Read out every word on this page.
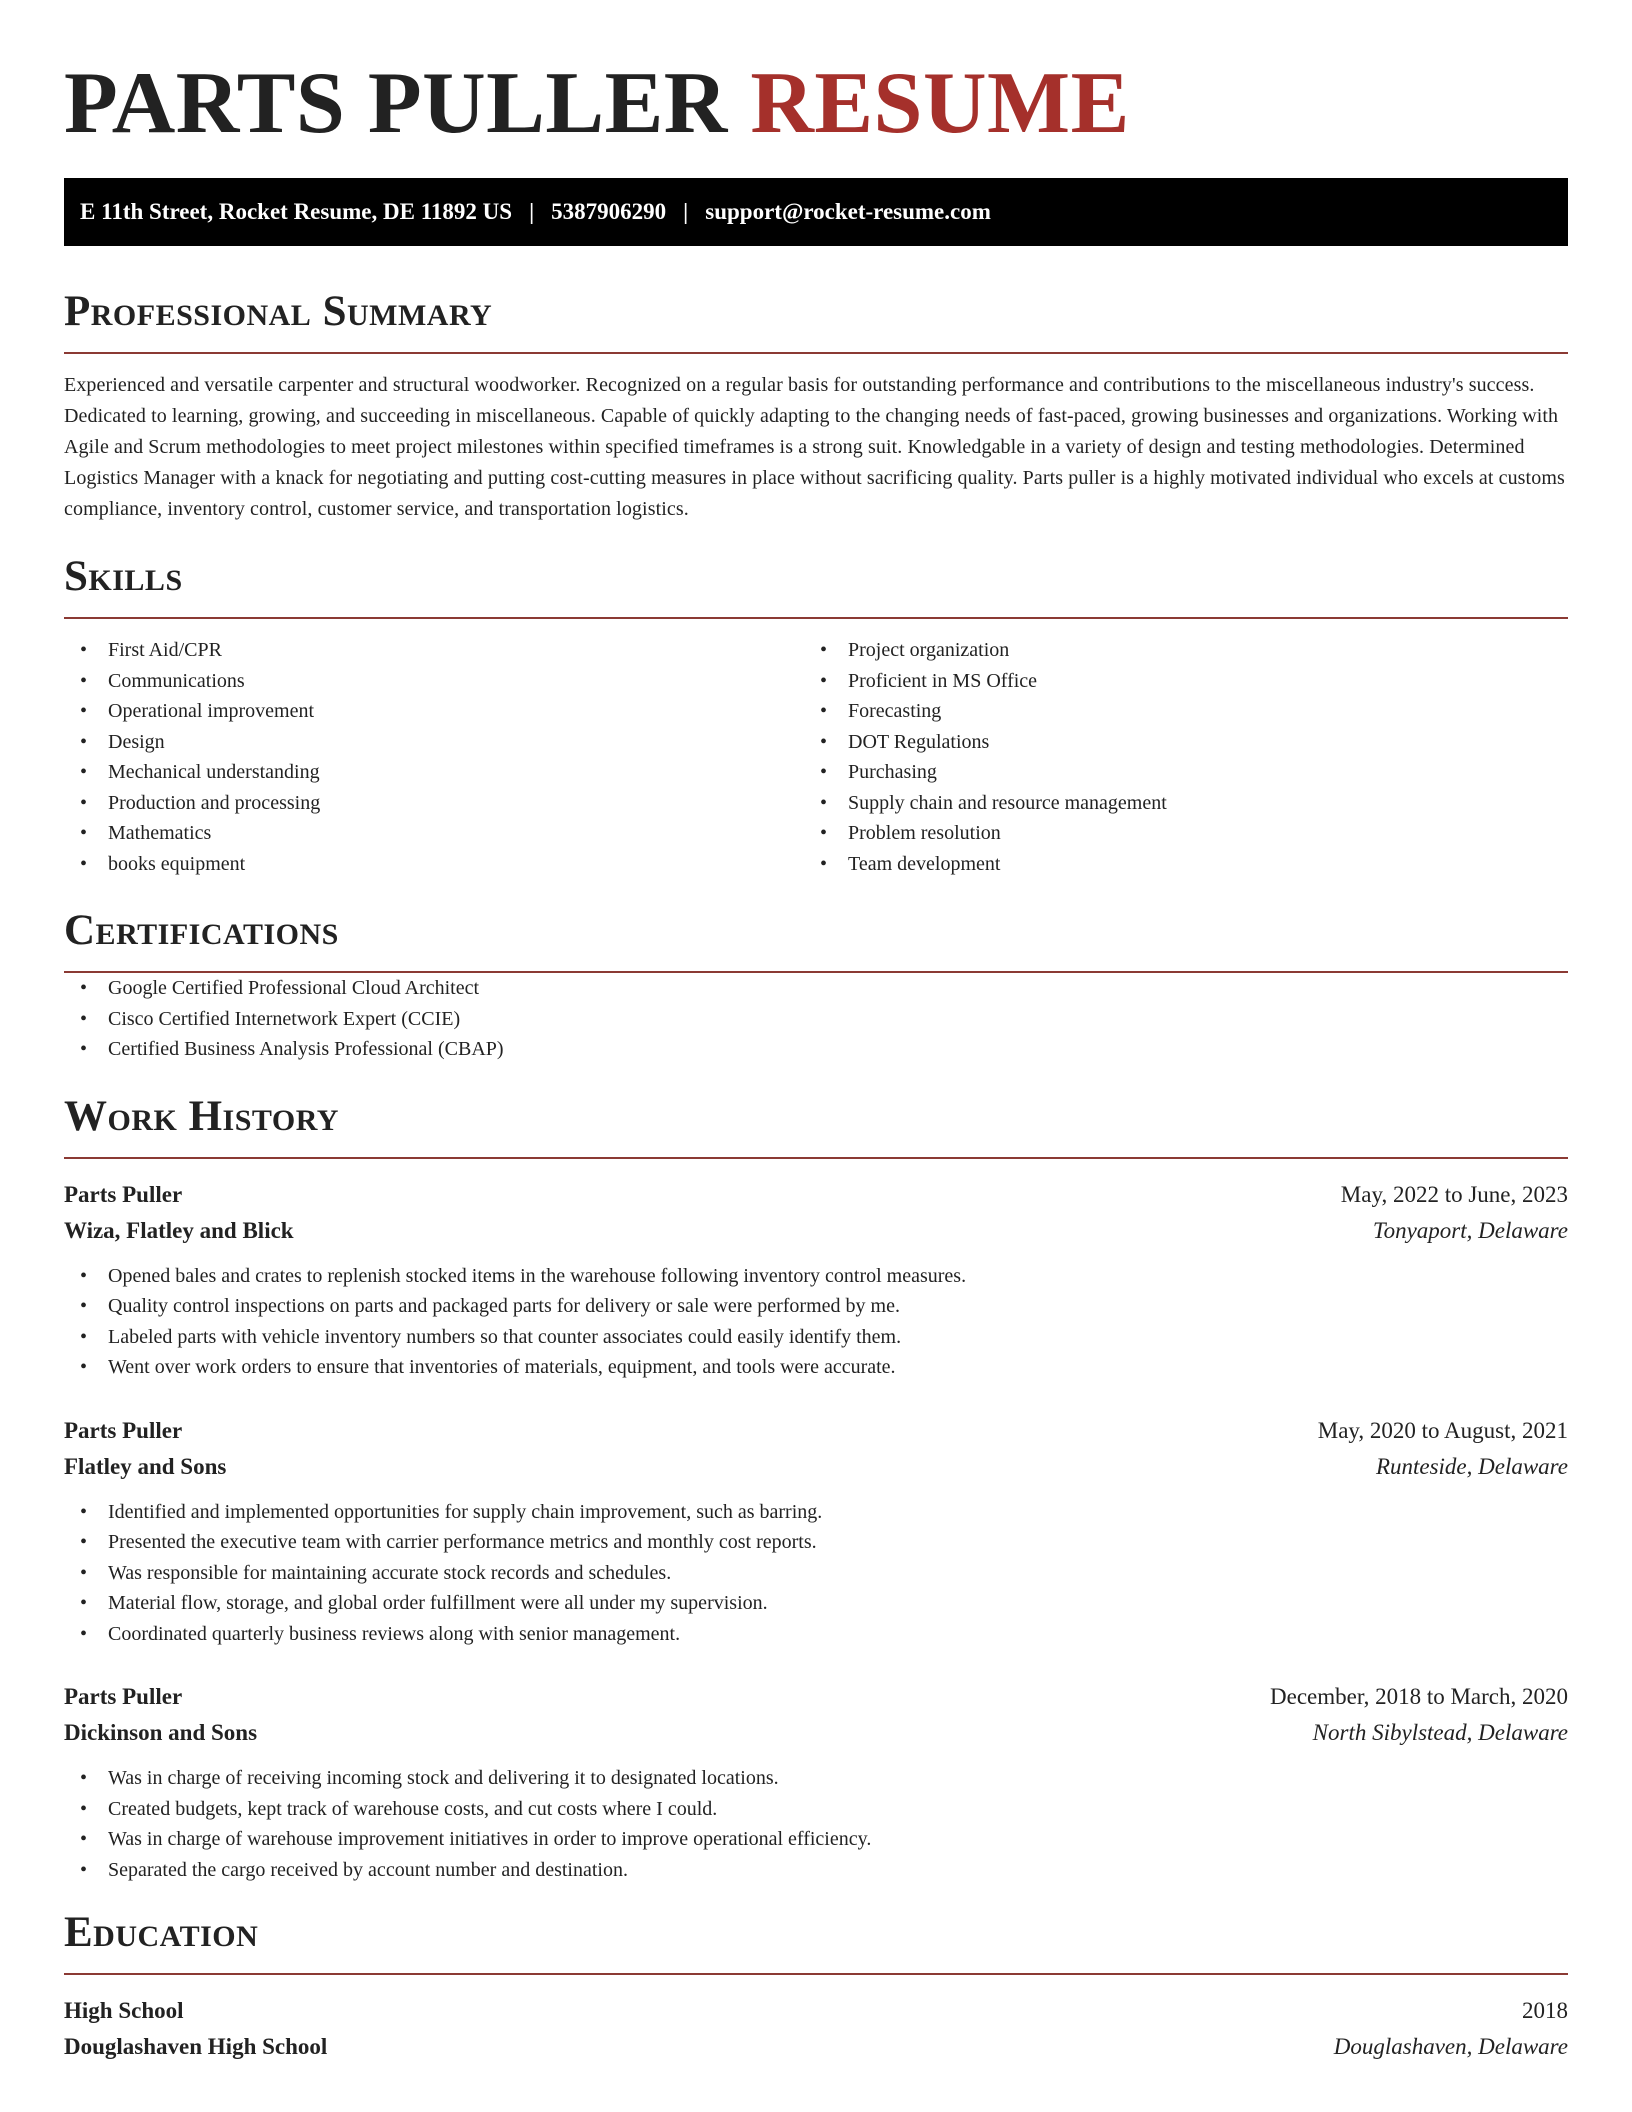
PARTS PULLER RESUME
E 11th Street, Rocket Resume, DE 11892 US | 5387906290 | support@rocket-resume.com
Professional Summary

Experienced and versatile carpenter and structural woodworker. Recognized on a regular basis for outstanding performance and contributions to the miscellaneous industry's success. Dedicated to learning, growing, and succeeding in miscellaneous. Capable of quickly adapting to the changing needs of fast-paced, growing businesses and organizations. Working with Agile and Scrum methodologies to meet project milestones within specified timeframes is a strong suit. Knowledgable in a variety of design and testing methodologies. Determined Logistics Manager with a knack for negotiating and putting cost-cutting measures in place without sacrificing quality. Parts puller is a highly motivated individual who excels at customs compliance, inventory control, customer service, and transportation logistics.

Skills
• First Aid/CPR
• Communications
• Operational improvement
• Design
• Mechanical understanding
• Production and processing
• Mathematics
• books equipment
• Project organization
• Proficient in MS Office
• Forecasting
• DOT Regulations
• Purchasing
• Supply chain and resource management
• Problem resolution
• Team development
Certifications
• Google Certified Professional Cloud Architect
• Cisco Certified Internetwork Expert (CCIE)
• Certified Business Analysis Professional (CBAP)
Work History
Parts Puller	May, 2022 to June, 2023
Wiza, Flatley and Blick	Tonyaport, Delaware
• Opened bales and crates to replenish stocked items in the warehouse following inventory control measures.
• Quality control inspections on parts and packaged parts for delivery or sale were performed by me.
• Labeled parts with vehicle inventory numbers so that counter associates could easily identify them.
• Went over work orders to ensure that inventories of materials, equipment, and tools were accurate.
Parts Puller	May, 2020 to August, 2021
Flatley and Sons	Runteside, Delaware
• Identified and implemented opportunities for supply chain improvement, such as barring.
• Presented the executive team with carrier performance metrics and monthly cost reports.
• Was responsible for maintaining accurate stock records and schedules.
• Material flow, storage, and global order fulfillment were all under my supervision.
• Coordinated quarterly business reviews along with senior management.
Parts Puller	December, 2018 to March, 2020
Dickinson and Sons	North Sibylstead, Delaware
• Was in charge of receiving incoming stock and delivering it to designated locations.
• Created budgets, kept track of warehouse costs, and cut costs where I could.
• Was in charge of warehouse improvement initiatives in order to improve operational efficiency.
• Separated the cargo received by account number and destination.
Education
High School	2018
Douglashaven High School	Douglashaven, Delaware
